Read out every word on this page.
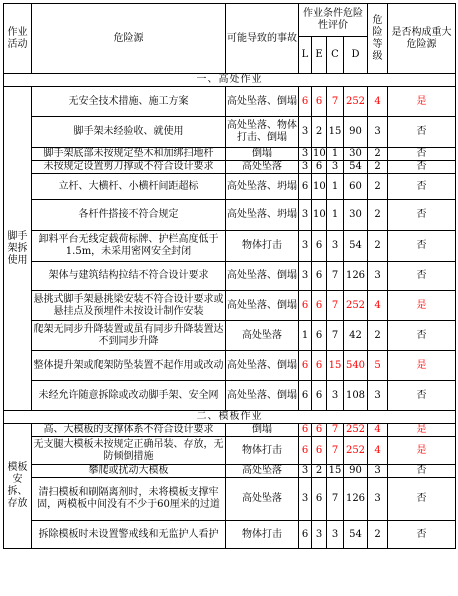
作业活动	危险源	可能导致的事故	作业条件危险性评价				危险等级	是否构成重大危险源
			L	E	C	D		
一、高处作业								
脚手架拆使用	无安全技术措施、施工方案	高处坠落、倒塌	6	6	7	252	4	是
	脚手架未经验收、就使用	高处坠落、物体打击、倒塌	3	2	15	90	3	否
	脚手架底部未按规定垫木和加绑扫地杆	倒塌	3	10	1	30	2	否
	未按规定设置剪刀撑或不符合设计要求	高处坠落	3	6	3	54	2	否
	立杆、大横杆、小横杆间距超标	高处坠落、坍塌	6	10	1	60	2	否
	各杆件搭接不符合规定	高处坠落、坍塌	3	10	1	30	2	否
	卸料平台无线定载荷标牌、护栏高度低于1.5m，未采用密网安全封闭	物体打击	3	6	3	54	2	否
	架体与建筑结构拉结不符合设计要求	高处坠落、倒塌	3	6	7	126	3	否
	悬挑式脚手架悬挑梁安装不符合设计要求或悬挂点及预埋件未按设计制作安装	高处坠落、倒塌	6	6	7	252	4	是
	爬架无同步升降装置或虽有同步升降装置达不到同步升降	高处坠落	1	6	7	42	2	否
	整体提升架或爬架防坠装置不起作用或改动	高处坠落、倒塌	6	6	15	540	5	是
	未经允许随意拆除或改动脚手架、安全网	高处坠落、倒塌	6	6	3	108	3	否
二、模板作业								
模板安拆、存放	高、大模板的支撑体系不符合设计要求	倒塌	6	6	7	252	4	是
	无支腿大模板未按规定正确吊装、存放，无防倾倒措施	物体打击	6	6	7	252	4	是
	攀爬或扰动大模板	高处坠落	3	2	15	90	3	否
	清扫模板和刷隔离剂时，未将模板支撑牢固，两模板中间没有不少于60厘米的过道	高处坠落	3	6	7	126	3	否
	拆除模板时未设置警戒线和无监护人看护	物体打击	6	3	3	54	2	否
